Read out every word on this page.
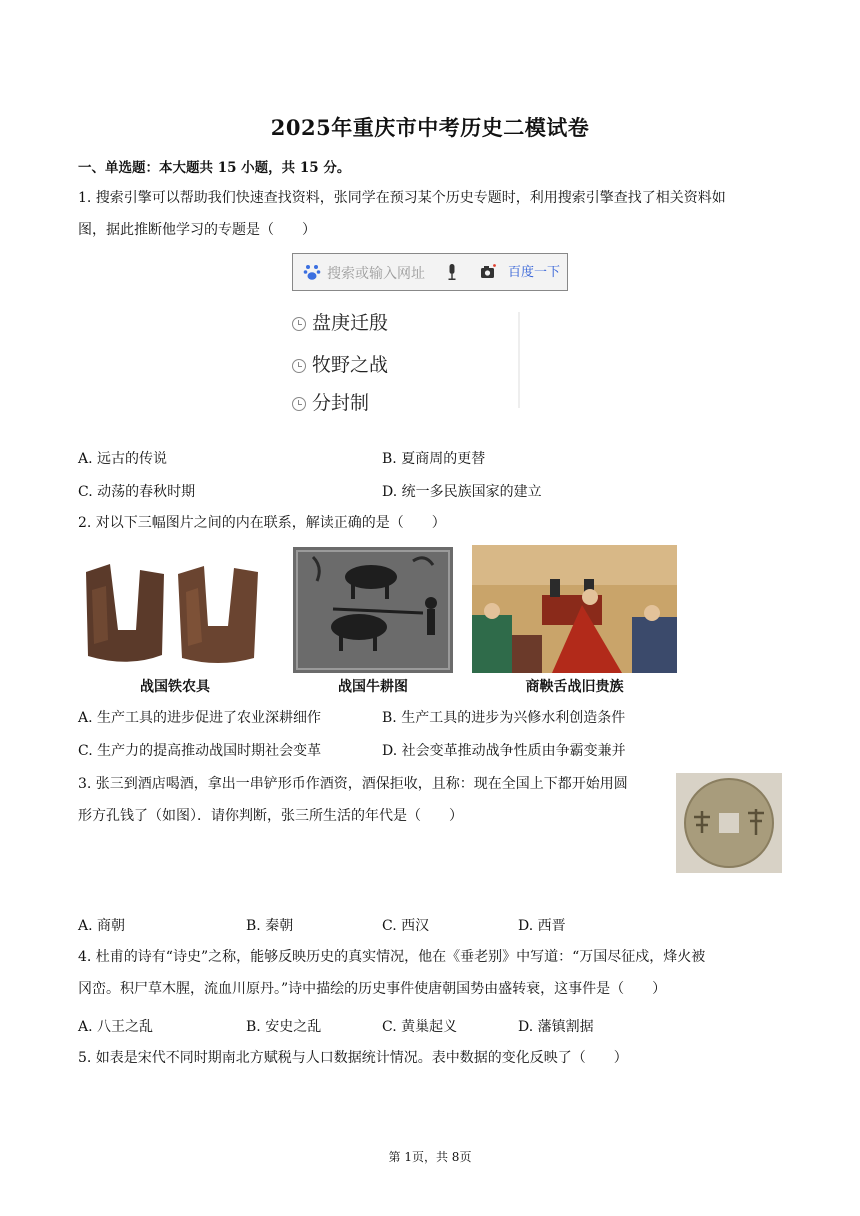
2025年重庆市中考历史二模试卷
一、单选题：本大题共 15 小题，共 15 分。
1. 搜索引擎可以帮助我们快速查找资料，张同学在预习某个历史专题时，利用搜索引擎查找了相关资料如
图，据此推断他学习的专题是（　　）
搜索或输入网址	百度一下
盘庚迁殷
牧野之战
分封制
A. 远古的传说	B. 夏商周的更替
C. 动荡的春秋时期	D. 统一多民族国家的建立
2. 对以下三幅图片之间的内在联系，解读正确的是（　　）
战国铁农具	战国牛耕图	商鞅舌战旧贵族
A. 生产工具的进步促进了农业深耕细作	B. 生产工具的进步为兴修水利创造条件
C. 生产力的提高推动战国时期社会变革	D. 社会变革推动战争性质由争霸变兼并
3. 张三到酒店喝酒，拿出一串铲形币作酒资，酒保拒收，且称：现在全国上下都开始用圆
形方孔钱了（如图）．请你判断，张三所生活的年代是（　　）
A. 商朝	B. 秦朝	C. 西汉	D. 西晋
4. 杜甫的诗有“诗史”之称，能够反映历史的真实情况，他在《垂老别》中写道：“万国尽征戍，烽火被
冈峦。积尸草木腥，流血川原丹。”诗中描绘的历史事件使唐朝国势由盛转衰，这事件是（　　）
A. 八王之乱	B. 安史之乱	C. 黄巢起义	D. 藩镇割据
5. 如表是宋代不同时期南北方赋税与人口数据统计情况。表中数据的变化反映了（　　）
第 1页，共 8页
